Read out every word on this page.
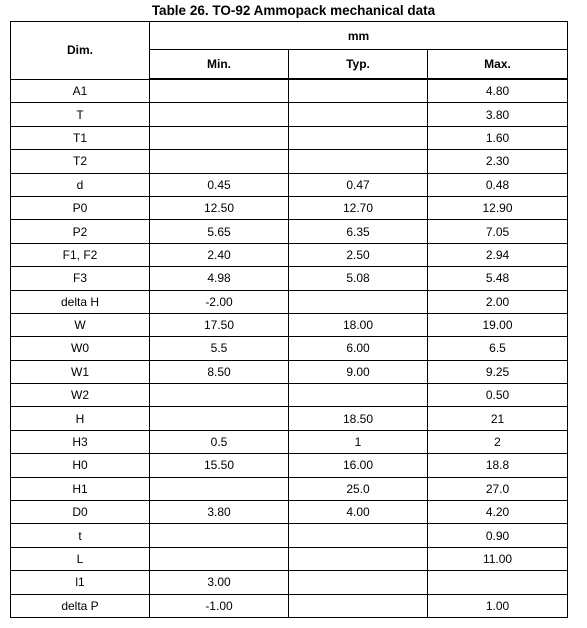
Table 26. TO-92 Ammopack mechanical data
Dim.	mm		
	Min.	Typ.	Max.
A1			4.80
T			3.80
T1			1.60
T2			2.30
d	0.45	0.47	0.48
P0	12.50	12.70	12.90
P2	5.65	6.35	7.05
F1, F2	2.40	2.50	2.94
F3	4.98	5.08	5.48
delta H	-2.00		2.00
W	17.50	18.00	19.00
W0	5.5	6.00	6.5
W1	8.50	9.00	9.25
W2			0.50
H		18.50	21
H3	0.5	1	2
H0	15.50	16.00	18.8
H1		25.0	27.0
D0	3.80	4.00	4.20
t			0.90
L			11.00
l1	3.00		
delta P	-1.00		1.00
